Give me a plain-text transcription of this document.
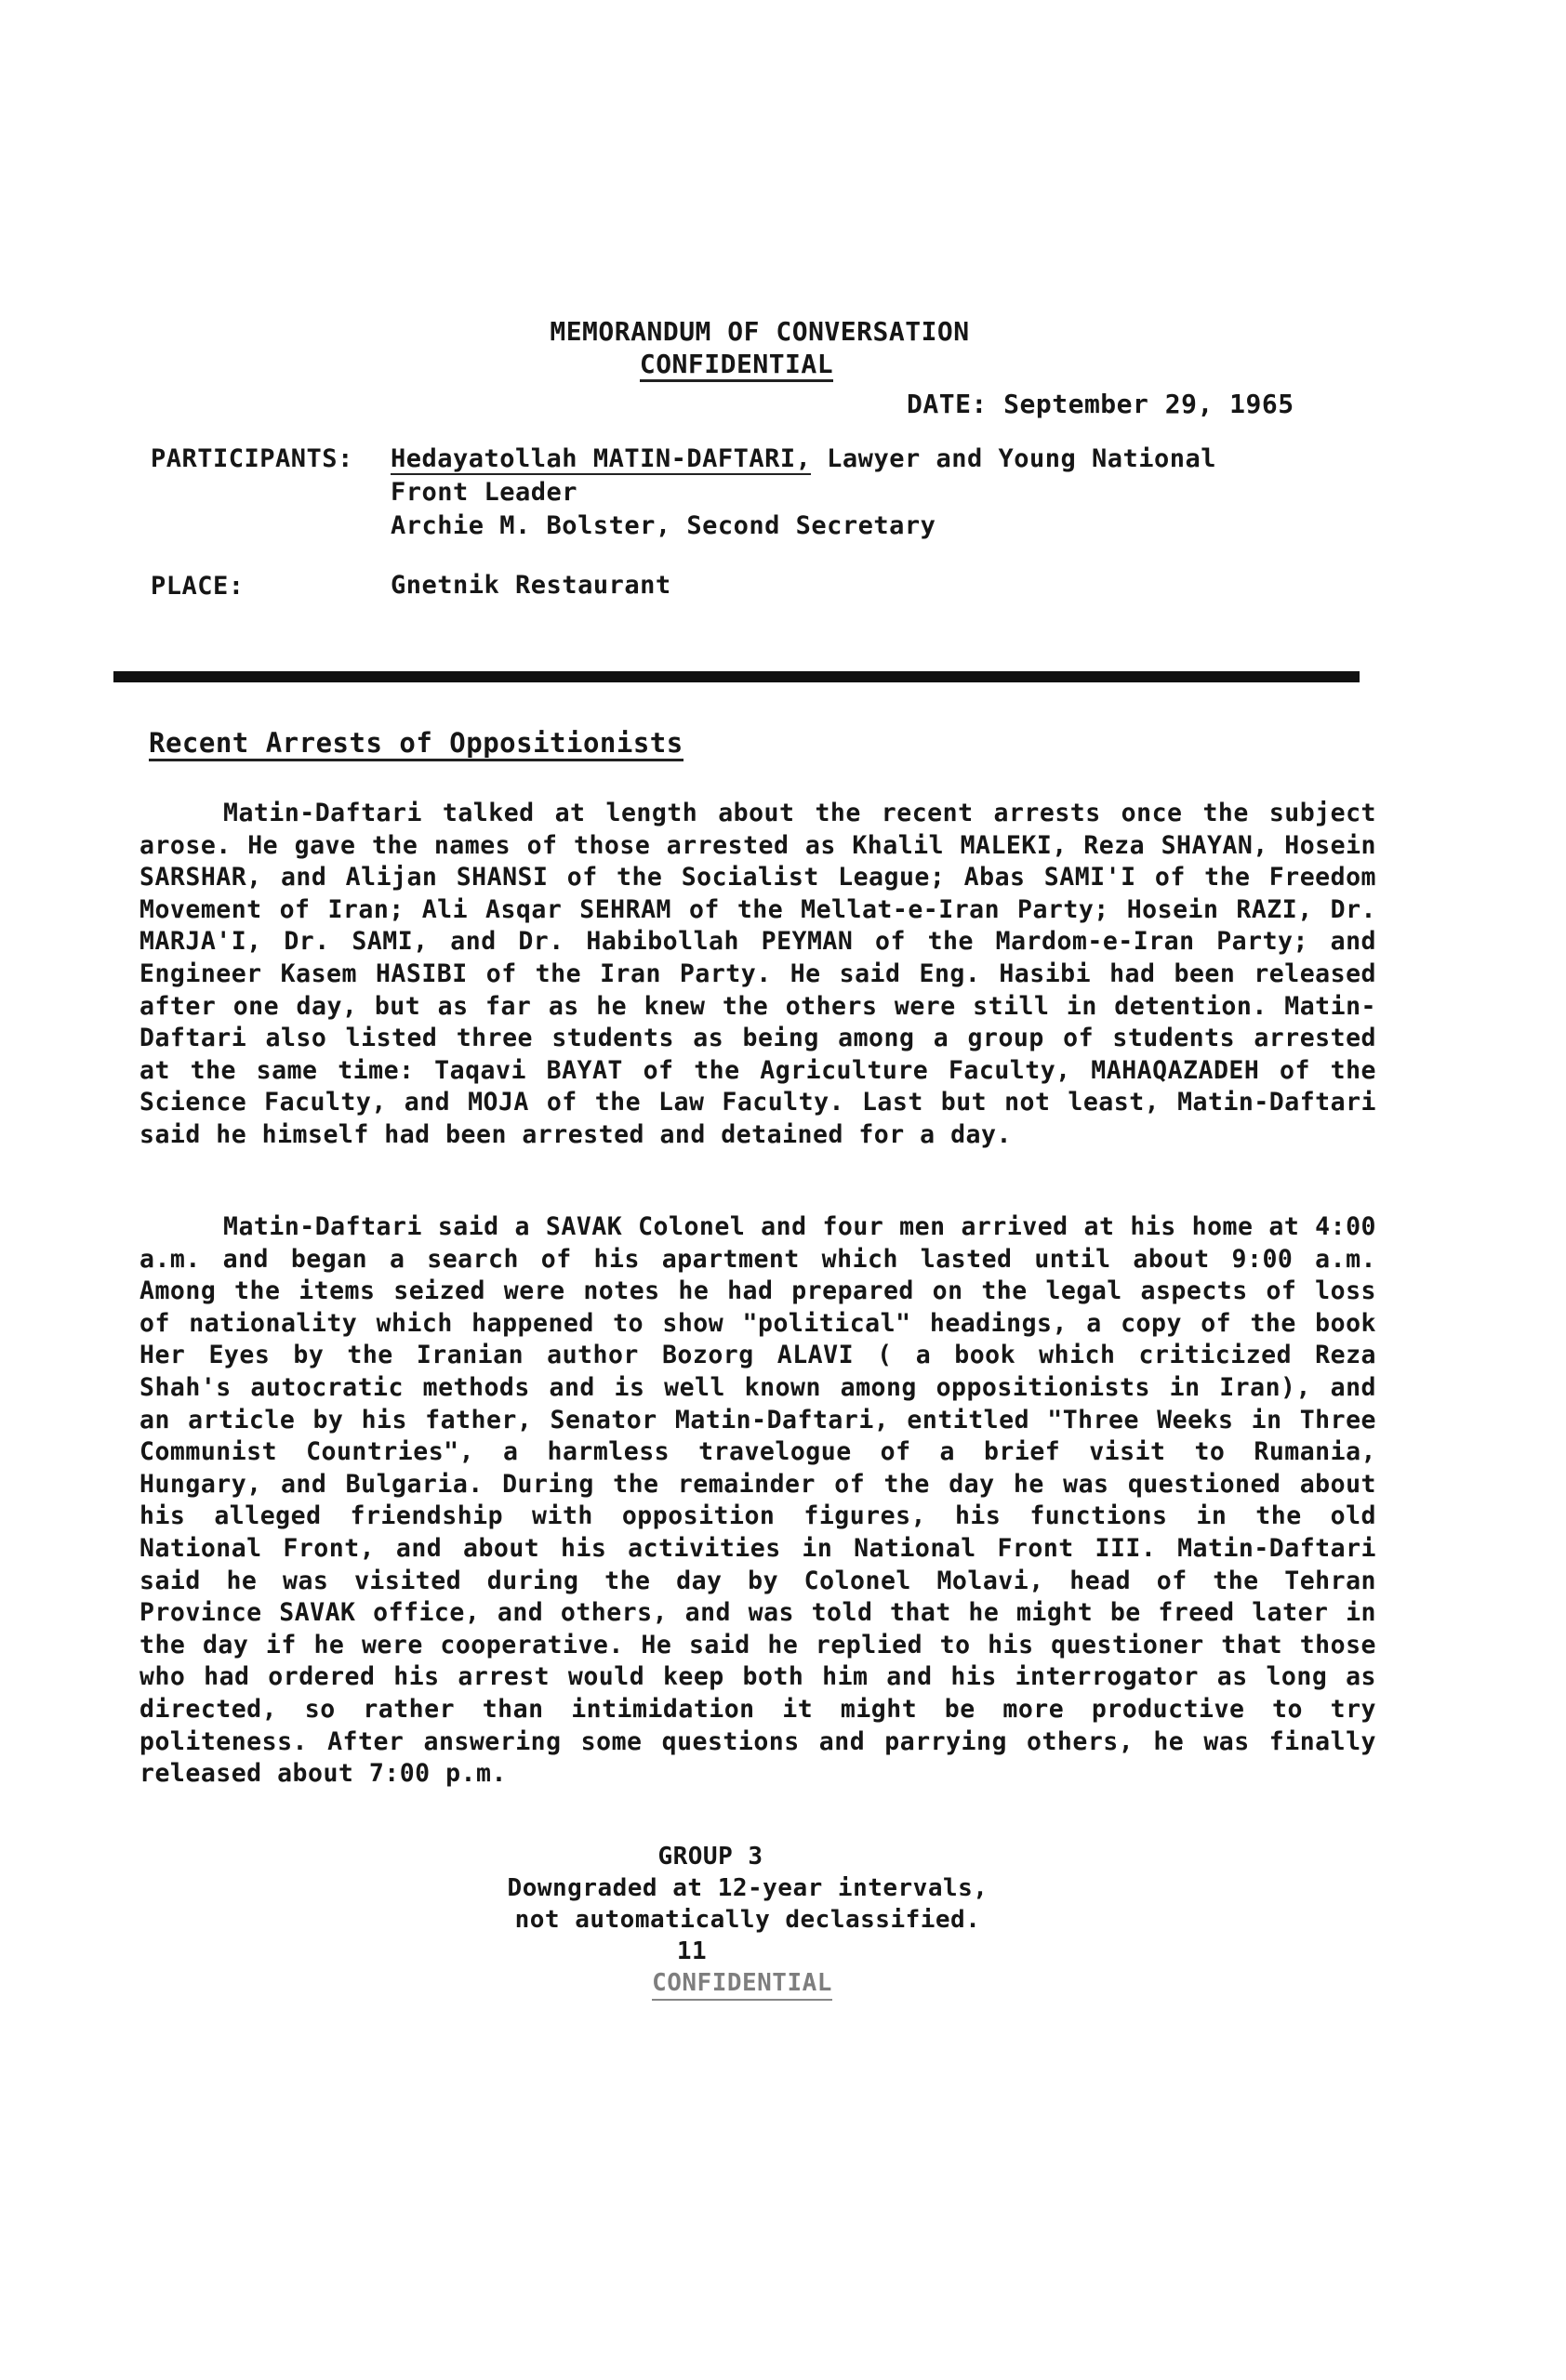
MEMORANDUM OF CONVERSATION
CONFIDENTIAL
DATE: September 29, 1965
PARTICIPANTS: Hedayatollah MATIN-DAFTARI, Lawyer and Young National
Front Leader
Archie M. Bolster, Second Secretary
PLACE:	Gnetnik Restaurant
Recent Arrests of Oppositionists

Matin-Daftari talked at length about the recent arrests once the subject arose. He gave the names of those arrested as Khalil MALEKI, Reza SHAYAN, Hosein SARSHAR, and Alijan SHANSI of the Socialist League; Abas SAMI'I of the Freedom Movement of Iran; Ali Asqar SEHRAM of the Mellat-e-Iran Party; Hosein RAZI, Dr. MARJA'I, Dr. SAMI, and Dr. Habibollah PEYMAN of the Mardom-e-Iran Party; and Engineer Kasem HASIBI of the Iran Party. He said Eng. Hasibi had been released after one day, but as far as he knew the others were still in detention. Matin-Daftari also listed three students as being among a group of students arrested at the same time: Taqavi BAYAT of the Agriculture Faculty, MAHAQAZADEH of the Science Faculty, and MOJA of the Law Faculty. Last but not least, Matin-Daftari said he himself had been arrested and detained for a day.

Matin-Daftari said a SAVAK Colonel and four men arrived at his home at 4:00 a.m. and began a search of his apartment which lasted until about 9:00 a.m. Among the items seized were notes he had prepared on the legal aspects of loss of nationality which happened to show "political" headings, a copy of the book Her Eyes by the Iranian author Bozorg ALAVI ( a book which criticized Reza Shah's autocratic methods and is well known among oppositionists in Iran), and an article by his father, Senator Matin-Daftari, entitled "Three Weeks in Three Communist Countries", a harmless travelogue of a brief visit to Rumania, Hungary, and Bulgaria. During the remainder of the day he was questioned about his alleged friendship with opposition figures, his functions in the old National Front, and about his activities in National Front III. Matin-Daftari said he was visited during the day by Colonel Molavi, head of the Tehran Province SAVAK office, and others, and was told that he might be freed later in the day if he were cooperative. He said he replied to his questioner that those who had ordered his arrest would keep both him and his interrogator as long as directed, so rather than intimidation it might be more productive to try politeness. After answering some questions and parrying others, he was finally released about 7:00 p.m.

GROUP 3
Downgraded at 12-year intervals,
not automatically declassified.
11
CONFIDENTIAL
